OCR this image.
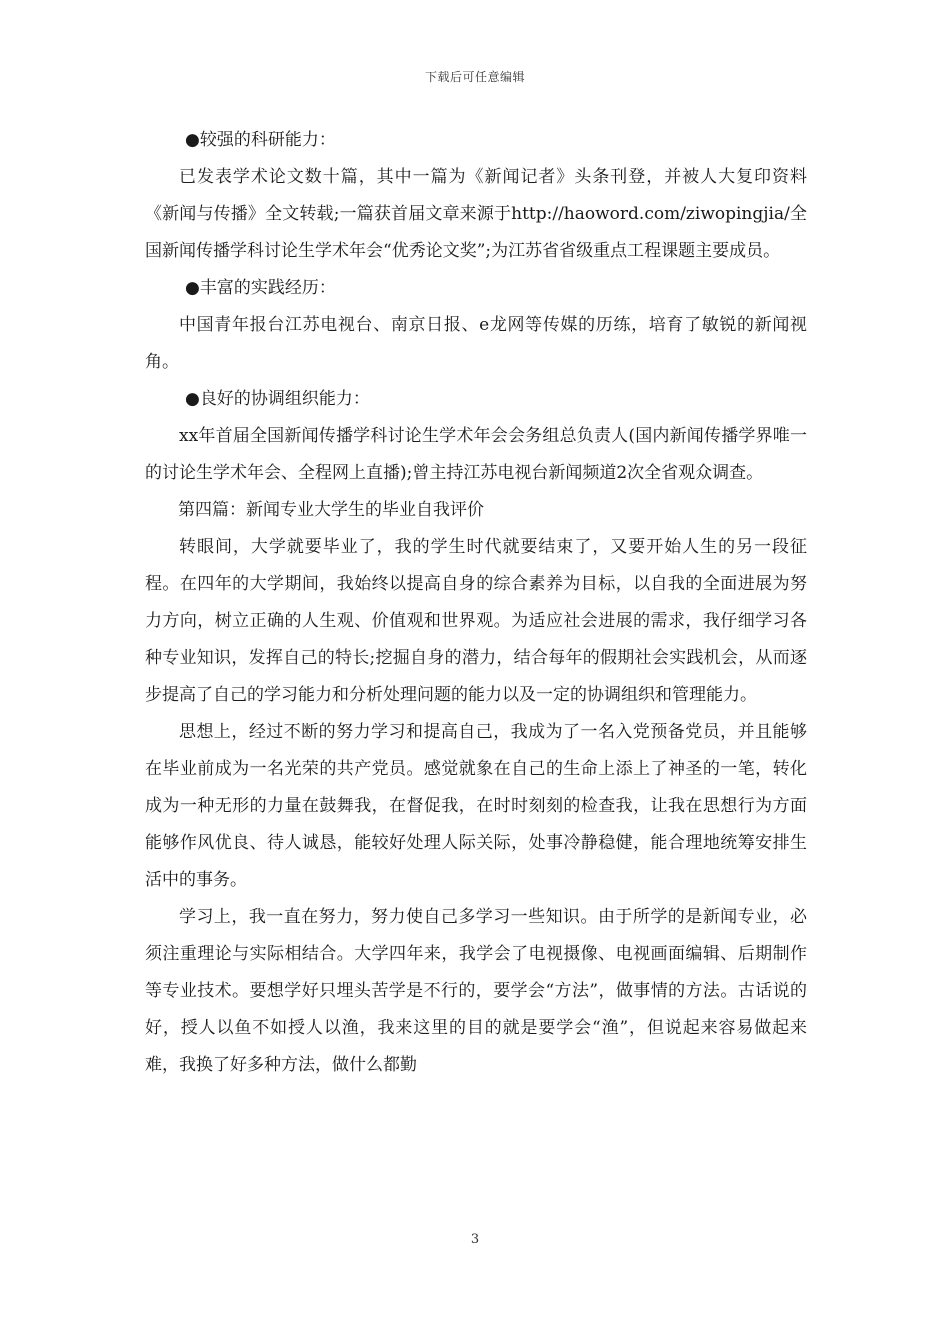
下载后可任意编辑

●较强的科研能力：

已发表学术论文数十篇，其中一篇为《新闻记者》头条刊登，并被人大复印资料《新闻与传播》全文转载;一篇获首届文章来源于http://haoword.com/ziwopingjia/全国新闻传播学科讨论生学术年会“优秀论文奖”;为江苏省省级重点工程课题主要成员。

●丰富的实践经历：

中国青年报台江苏电视台、南京日报、e龙网等传媒的历练，培育了敏锐的新闻视角。

●良好的协调组织能力：

xx年首届全国新闻传播学科讨论生学术年会会务组总负责人(国内新闻传播学界唯一的讨论生学术年会、全程网上直播);曾主持江苏电视台新闻频道2次全省观众调查。

第四篇：新闻专业大学生的毕业自我评价

转眼间，大学就要毕业了，我的学生时代就要结束了，又要开始人生的另一段征程。在四年的大学期间，我始终以提高自身的综合素养为目标，以自我的全面进展为努力方向，树立正确的人生观、价值观和世界观。为适应社会进展的需求，我仔细学习各种专业知识，发挥自己的特长;挖掘自身的潜力，结合每年的假期社会实践机会，从而逐步提高了自己的学习能力和分析处理问题的能力以及一定的协调组织和管理能力。

思想上，经过不断的努力学习和提高自己，我成为了一名入党预备党员，并且能够在毕业前成为一名光荣的共产党员。感觉就象在自己的生命上添上了神圣的一笔，转化成为一种无形的力量在鼓舞我，在督促我，在时时刻刻的检查我，让我在思想行为方面能够作风优良、待人诚恳，能较好处理人际关际，处事冷静稳健，能合理地统筹安排生活中的事务。

学习上，我一直在努力，努力使自己多学习一些知识。由于所学的是新闻专业，必须注重理论与实际相结合。大学四年来，我学会了电视摄像、电视画面编辑、后期制作等专业技术。要想学好只埋头苦学是不行的，要学会“方法”，做事情的方法。古话说的好，授人以鱼不如授人以渔，我来这里的目的就是要学会“渔”，但说起来容易做起来难，我换了好多种方法，做什么都勤

3
